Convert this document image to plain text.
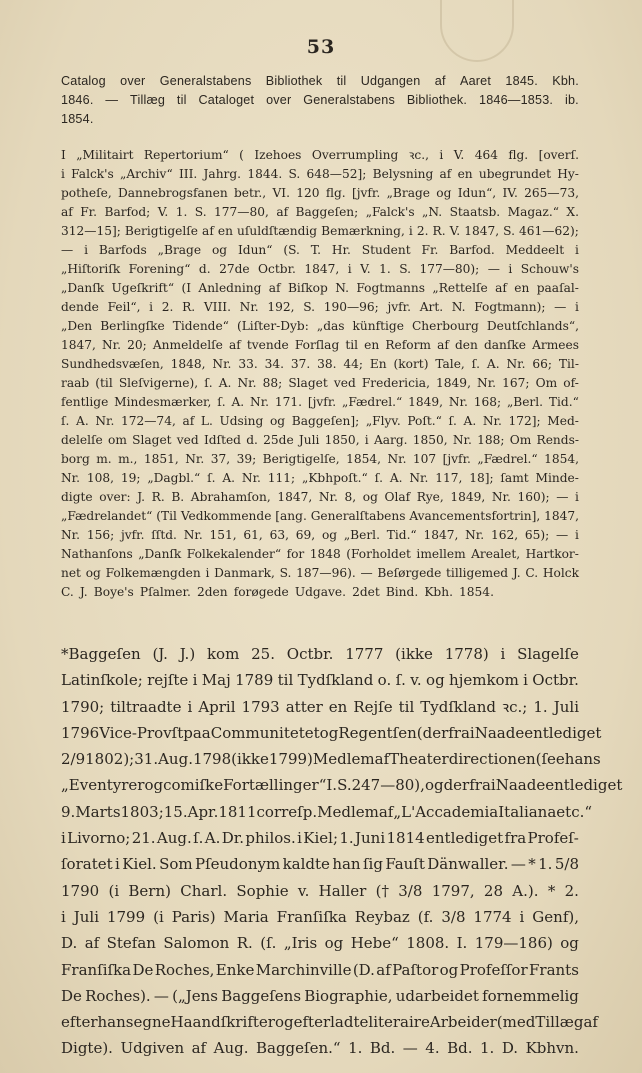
53
Catalog over Generalstabens Bibliothek til Udgangen af Aaret 1845. Kbh.
1846. — Tillæg til Cataloget over Generalstabens Bibliothek. 1846—1853. ib.
1854.
I „Militairt Repertorium“ ( Izehoes Overrumpling ꝛc., i V. 464 flg. [overſ.
i Falck's „Archiv“ III. Jahrg. 1844. S. 648—52]; Belysning af en ubegrundet Hy-
potheſe, Dannebrogsfanen betr., VI. 120 flg. [jvfr. „Brage og Idun“, IV. 265—73,
af Fr. Barfod; V. 1. S. 177—80, af Baggeſen; „Falck's „N. Staatsb. Magaz.“ X.
312—15]; Berigtigelſe af en uſuldſtændig Bemærkning, i 2. R. V. 1847, S. 461—62);
— i Barfods „Brage og Idun“ (S. T. Hr. Student Fr. Barfod. Meddeelt i
„Hiſtoriſk Forening“ d. 27de Octbr. 1847, i V. 1. S. 177—80); — i Schouw's
„Danſk Ugeſkrift“ (I Anledning af Biſkop N. Fogtmanns „Rettelſe af en paaſal-
dende Feil“, i 2. R. VIII. Nr. 192, S. 190—96; jvfr. Art. N. Fogtmann); — i
„Den Berlingſke Tidende“ (Liſter-Dyb: „das künftige Cherbourg Deutſchlands“,
1847, Nr. 20; Anmeldelſe af tvende Forſlag til en Reform af den danſke Armees
Sundhedsvæſen, 1848, Nr. 33. 34. 37. 38. 44; En (kort) Tale, ſ. A. Nr. 66; Til-
raab (til Sleſvigerne), ſ. A. Nr. 88; Slaget ved Fredericia, 1849, Nr. 167; Om of-
fentlige Mindesmærker, ſ. A. Nr. 171. [jvfr. „Fædrel.“ 1849, Nr. 168; „Berl. Tid.“
ſ. A. Nr. 172—74, af L. Udsing og Baggeſen]; „Flyv. Poſt.“ ſ. A. Nr. 172]; Med-
delelſe om Slaget ved Idſted d. 25de Juli 1850, i Aarg. 1850, Nr. 188; Om Rends-
borg m. m., 1851, Nr. 37, 39; Berigtigelſe, 1854, Nr. 107 [jvfr. „Fædrel.“ 1854,
Nr. 108, 19; „Dagbl.“ ſ. A. Nr. 111; „Kbhpoſt.“ ſ. A. Nr. 117, 18]; ſamt Minde-
digte over: J. R. B. Abrahamſon, 1847, Nr. 8, og Olaf Rye, 1849, Nr. 160); — i
„Fædrelandet“ (Til Vedkommende [ang. Generalſtabens Avancementsfortrin], 1847,
Nr. 156; jvfr. ſſtd. Nr. 151, 61, 63, 69, og „Berl. Tid.“ 1847, Nr. 162, 65); — i
Nathanſons „Danſk Folkekalender“ for 1848 (Forholdet imellem Arealet, Hartkor-
net og Folkemængden i Danmark, S. 187—96). — Beſørgede tilligemed J. C. Holck
C. J. Boye's Pſalmer. 2den forøgede Udgave. 2det Bind. Kbh. 1854.
*Baggeſen (J. J.) kom 25. Octbr. 1777 (ikke 1778) i Slagelſe
Latinſkole; rejſte i Maj 1789 til Tydſkland o. ſ. v. og hjemkom i Octbr.
1790; tiltraadte i April 1793 atter en Rejſe til Tydſkland ꝛc.; 1. Juli
1796 Vice-Provſt paa Communitetet og Regentſen (derfra i Naade entlediget
2/9 1802); 31. Aug. 1798 (ikke 1799) Medlem af Theaterdirectionen (ſee hans
„Eventyrer og comiſke Fortællinger“ I. S. 247—80), og derfra i Naade entlediget
9. Marts 1803; 15. Apr. 1811 correſp. Medlem af „L'Accademia Italiana etc.“
i Livorno; 21. Aug. ſ. A. Dr. philos. i Kiel; 1. Juni 1814 entlediget fra Profeſ-
ſoratet i Kiel. Som Pſeudonym kaldte han ſig Fauſt Dänwaller. — * 1. 5/8
1790 (i Bern) Charl. Sophie v. Haller († 3/8 1797, 28 A.). * 2.
i Juli 1799 (i Paris) Maria Franſiſka Reybaz (f. 3/8 1774 i Genf),
D. af Stefan Salomon R. (ſ. „Iris og Hebe“ 1808. I. 179—186) og
Franſiſka De Roches, Enke Marchinville (D. af Paſtor og Profeſſor Frants
De Roches). — („Jens Baggeſens Biographie, udarbeidet fornemmelig
efter hans egne Haandſkrifter og efterladte literaire Arbeider (med Tillæg af
Digte). Udgiven af Aug. Baggeſen.“ 1. Bd. — 4. Bd. 1. D. Kbhvn.
